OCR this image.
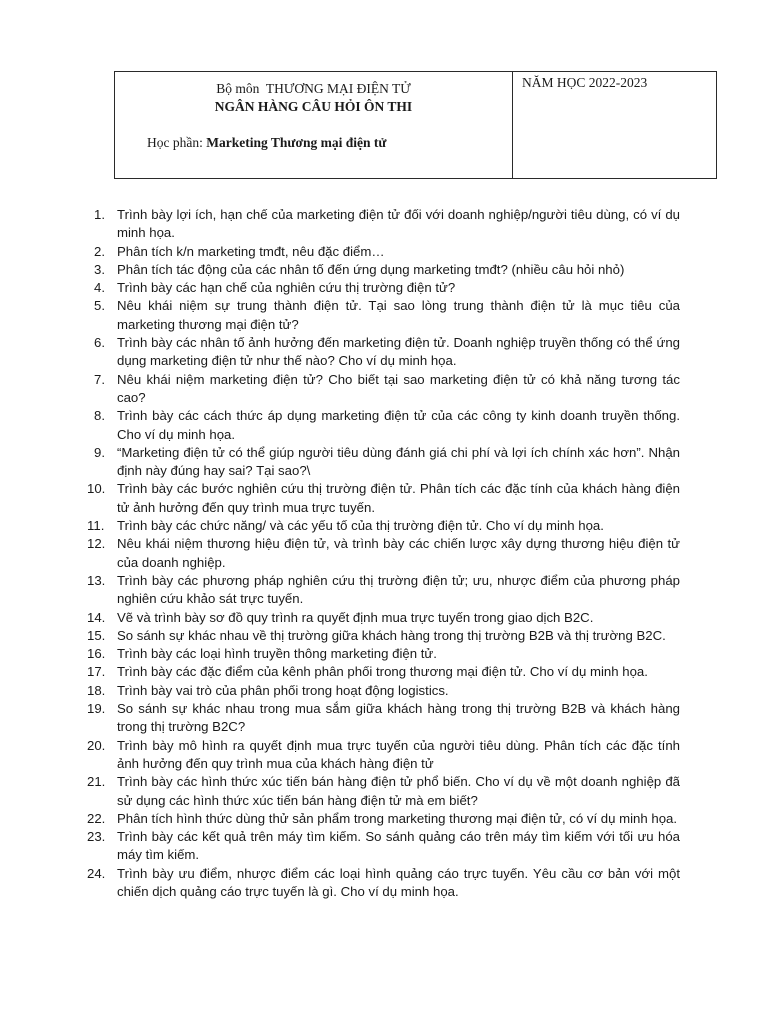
Bộ môn THƯƠNG MẠI ĐIỆN TỬ
NGÂN HÀNG CÂU HỎI ÔN THI
Học phần: Marketing Thương mại điện tử
NĂM HỌC 2022-2023
1. Trình bày lợi ích, hạn chế của marketing điện tử đối với doanh nghiệp/người tiêu dùng, có ví dụ minh họa.
2. Phân tích k/n marketing tmđt, nêu đặc điểm…
3. Phân tích tác động của các nhân tố đến ứng dụng marketing tmđt? (nhiều câu hỏi nhỏ)
4. Trình bày các hạn chế của nghiên cứu thị trường điện tử?
5. Nêu khái niệm sự trung thành điện tử. Tại sao lòng trung thành điện tử là mục tiêu của marketing thương mại điện tử?
6. Trình bày các nhân tố ảnh hưởng đến marketing điện tử. Doanh nghiệp truyền thống có thể ứng dụng marketing điện tử như thế nào? Cho ví dụ minh họa.
7. Nêu khái niệm marketing điện tử? Cho biết tại sao marketing điện tử có khả năng tương tác cao?
8. Trình bày các cách thức áp dụng marketing điện tử của các công ty kinh doanh truyền thống. Cho ví dụ minh họa.
9. “Marketing điện tử có thể giúp người tiêu dùng đánh giá chi phí và lợi ích chính xác hơn”. Nhận định này đúng hay sai? Tại sao?\
10. Trình bày các bước nghiên cứu thị trường điện tử. Phân tích các đặc tính của khách hàng điện tử ảnh hưởng đến quy trình mua trực tuyến.
11. Trình bày các chức năng/ và các yếu tố của thị trường điện tử. Cho ví dụ minh họa.
12. Nêu khái niệm thương hiệu điện tử, và trình bày các chiến lược xây dựng thương hiệu điện tử của doanh nghiệp.
13. Trình bày các phương pháp nghiên cứu thị trường điện tử; ưu, nhược điểm của phương pháp nghiên cứu khảo sát trực tuyến.
14. Vẽ và trình bày sơ đồ quy trình ra quyết định mua trực tuyến trong giao dịch B2C.
15. So sánh sự khác nhau về thị trường giữa khách hàng trong thị trường B2B và thị trường B2C.
16. Trình bày các loại hình truyền thông marketing điện tử.
17. Trình bày các đặc điểm của kênh phân phối trong thương mại điện tử. Cho ví dụ minh họa.
18. Trình bày vai trò của phân phối trong hoạt động logistics.
19. So sánh sự khác nhau trong mua sắm giữa khách hàng trong thị trường B2B và khách hàng trong thị trường B2C?
20. Trình bày mô hình ra quyết định mua trực tuyến của người tiêu dùng. Phân tích các đặc tính ảnh hưởng đến quy trình mua của khách hàng điện tử
21. Trình bày các hình thức xúc tiến bán hàng điện tử phổ biến. Cho ví dụ về một doanh nghiệp đã sử dụng các hình thức xúc tiến bán hàng điện tử mà em biết?
22. Phân tích hình thức dùng thử sản phẩm trong marketing thương mại điện tử, có ví dụ minh họa.
23. Trình bày các kết quả trên máy tìm kiếm. So sánh quảng cáo trên máy tìm kiếm với tối ưu hóa máy tìm kiếm.
24. Trình bày ưu điểm, nhược điểm các loại hình quảng cáo trực tuyến. Yêu cầu cơ bản với một chiến dịch quảng cáo trực tuyến là gì. Cho ví dụ minh họa.
